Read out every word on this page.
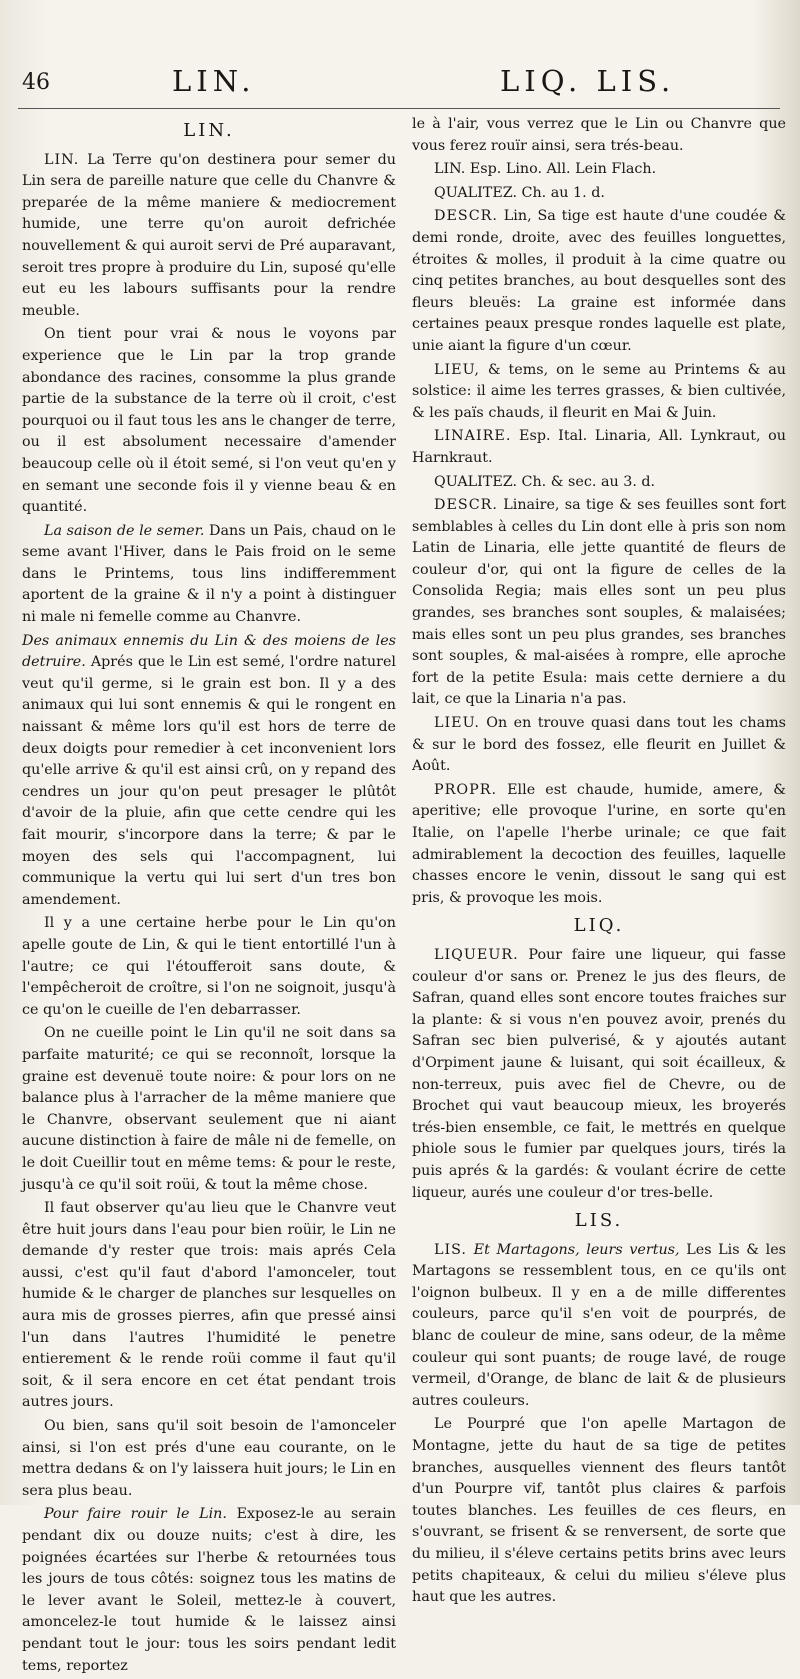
46	LIN.	LIQ. LIS.
LIN.

LIN. La Terre qu'on destinera pour semer du Lin sera de pareille nature que celle du Chanvre & preparée de la même maniere & mediocrement humide, une terre qu'on auroit defrichée nouvellement & qui auroit servi de Pré auparavant, seroit tres propre à produire du Lin, suposé qu'elle eut eu les labours suffisants pour la rendre meuble.

On tient pour vrai & nous le voyons par experience que le Lin par la trop grande abondance des racines, consomme la plus grande partie de la substance de la terre où il croit, c'est pourquoi ou il faut tous les ans le changer de terre, ou il est absolument necessaire d'amender beaucoup celle où il étoit semé, si l'on veut qu'en y en semant une seconde fois il y vienne beau & en quantité.

La saison de le semer. Dans un Pais, chaud on le seme avant l'Hiver, dans le Pais froid on le seme dans le Printems, tous lins indifferemment aportent de la graine & il n'y a point à distinguer ni male ni femelle comme au Chanvre.

Des animaux ennemis du Lin & des moiens de les detruire. Aprés que le Lin est semé, l'ordre naturel veut qu'il germe, si le grain est bon. Il y a des animaux qui lui sont ennemis & qui le rongent en naissant & même lors qu'il est hors de terre de deux doigts pour remedier à cet inconvenient lors qu'elle arrive & qu'il est ainsi crû, on y repand des cendres un jour qu'on peut presager le plûtôt d'avoir de la pluie, afin que cette cendre qui les fait mourir, s'incorpore dans la terre; & par le moyen des sels qui l'accompagnent, lui communique la vertu qui lui sert d'un tres bon amendement.

Il y a une certaine herbe pour le Lin qu'on apelle goute de Lin, & qui le tient entortillé l'un à l'autre; ce qui l'étoufferoit sans doute, & l'empêcheroit de croître, si l'on ne soignoit, jusqu'à ce qu'on le cueille de l'en debarrasser.

On ne cueille point le Lin qu'il ne soit dans sa parfaite maturité; ce qui se reconnoît, lorsque la graine est devenuë toute noire: & pour lors on ne balance plus à l'arracher de la même maniere que le Chanvre, observant seulement que ni aiant aucune distinction à faire de mâle ni de femelle, on le doit Cueillir tout en même tems: & pour le reste, jusqu'à ce qu'il soit roüi, & tout la même chose.

Il faut observer qu'au lieu que le Chanvre veut être huit jours dans l'eau pour bien roüir, le Lin ne demande d'y rester que trois: mais aprés Cela aussi, c'est qu'il faut d'abord l'amonceler, tout humide & le charger de planches sur lesquelles on aura mis de grosses pierres, afin que pressé ainsi l'un dans l'autres l'humidité le penetre entierement & le rende roüi comme il faut qu'il soit, & il sera encore en cet état pendant trois autres jours.

Ou bien, sans qu'il soit besoin de l'amonceler ainsi, si l'on est prés d'une eau courante, on le mettra dedans & on l'y laissera huit jours; le Lin en sera plus beau.

Pour faire rouir le Lin. Exposez-le au serain pendant dix ou douze nuits; c'est à dire, les poignées écartées sur l'herbe & retournées tous les jours de tous côtés: soignez tous les matins de le lever avant le Soleil, mettez-le à couvert, amoncelez-le tout humide & le laissez ainsi pendant tout le jour: tous les soirs pendant ledit tems, reportez

le à l'air, vous verrez que le Lin ou Chanvre que vous ferez rouïr ainsi, sera trés-beau.

LIN. Esp. Lino. All. Lein Flach.

QUALITEZ. Ch. au 1. d.

DESCR. Lin, Sa tige est haute d'une coudée & demi ronde, droite, avec des feuilles longuettes, étroites & molles, il produit à la cime quatre ou cinq petites branches, au bout desquelles sont des fleurs bleuës: La graine est informée dans certaines peaux presque rondes laquelle est plate, unie aiant la figure d'un cœur.

LIEU, & tems, on le seme au Printems & au solstice: il aime les terres grasses, & bien cultivée, & les païs chauds, il fleurit en Mai & Juin.

LINAIRE. Esp. Ital. Linaria, All. Lynkraut, ou Harnkraut.

QUALITEZ. Ch. & sec. au 3. d.

DESCR. Linaire, sa tige & ses feuilles sont fort semblables à celles du Lin dont elle à pris son nom Latin de Linaria, elle jette quantité de fleurs de couleur d'or, qui ont la figure de celles de la Consolida Regia; mais elles sont un peu plus grandes, ses branches sont souples, & malaisées; mais elles sont un peu plus grandes, ses branches sont souples, & mal-aisées à rompre, elle aproche fort de la petite Esula: mais cette derniere a du lait, ce que la Linaria n'a pas.

LIEU. On en trouve quasi dans tout les chams & sur le bord des fossez, elle fleurit en Juillet & Août.

PROPR. Elle est chaude, humide, amere, & aperitive; elle provoque l'urine, en sorte qu'en Italie, on l'apelle l'herbe urinale; ce que fait admirablement la decoction des feuilles, laquelle chasses encore le venin, dissout le sang qui est pris, & provoque les mois.

LIQ.

LIQUEUR. Pour faire une liqueur, qui fasse couleur d'or sans or. Prenez le jus des fleurs, de Safran, quand elles sont encore toutes fraiches sur la plante: & si vous n'en pouvez avoir, prenés du Safran sec bien pulverisé, & y ajoutés autant d'Orpiment jaune & luisant, qui soit écailleux, & non-terreux, puis avec fiel de Chevre, ou de Brochet qui vaut beaucoup mieux, les broyerés trés-bien ensemble, ce fait, le mettrés en quelque phiole sous le fumier par quelques jours, tirés la puis aprés & la gardés: & voulant écrire de cette liqueur, aurés une couleur d'or tres-belle.

LIS.

LIS. Et Martagons, leurs vertus, Les Lis & les Martagons se ressemblent tous, en ce qu'ils ont l'oignon bulbeux. Il y en a de mille differentes couleurs, parce qu'il s'en voit de pourprés, de blanc de couleur de mine, sans odeur, de la même couleur qui sont puants; de rouge lavé, de rouge vermeil, d'Orange, de blanc de lait & de plusieurs autres couleurs.

Le Pourpré que l'on apelle Martagon de Montagne, jette du haut de sa tige de petites branches, ausquelles viennent des fleurs tantôt d'un Pourpre vif, tantôt plus claires & parfois toutes blanches. Les feuilles de ces fleurs, en s'ouvrant, se frisent & se renversent, de sorte que du milieu, il s'éleve certains petits brins avec leurs petits chapiteaux, & celui du milieu s'éleve plus haut que les autres.
